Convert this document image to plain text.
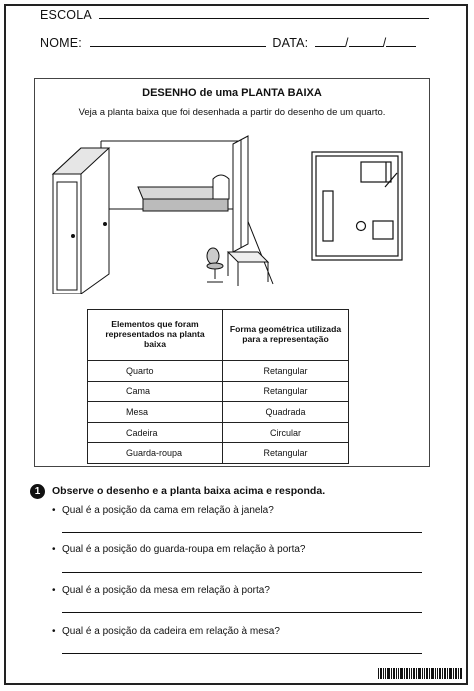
ESCOLA
NOME:	DATA:	/	/
DESENHO de uma PLANTA BAIXA
Veja a planta baixa que foi desenhada a partir do desenho de um quarto.
Elementos que foram representados na planta baixa	Forma geométrica utilizada para a representação
Quarto	Retangular
Cama	Retangular
Mesa	Quadrada
Cadeira	Circular
Guarda-roupa	Retangular
1	Observe o desenho e a planta baixa acima e responda.
• Qual é a posição da cama em relação à janela?
• Qual é a posição do guarda-roupa em relação à porta?
• Qual é a posição da mesa em relação à porta?
• Qual é a posição da cadeira em relação à mesa?
